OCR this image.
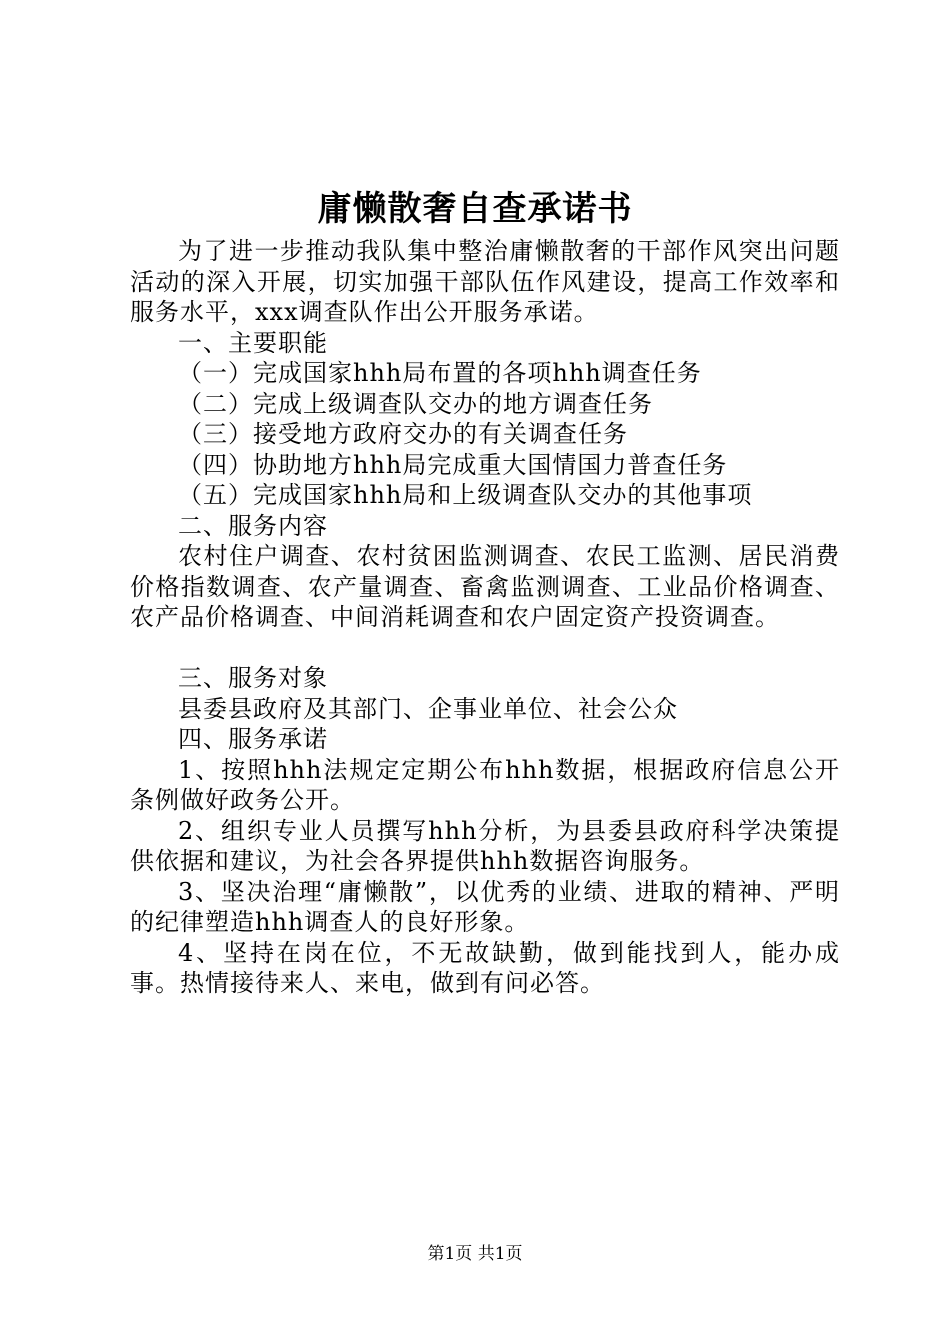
庸懒散奢自查承诺书

为了进一步推动我队集中整治庸懒散奢的干部作风突出问题活动的深入开展，切实加强干部队伍作风建设，提高工作效率和服务水平，xxx调查队作出公开服务承诺。

一、主要职能

（一）完成国家hhh局布置的各项hhh调查任务

（二）完成上级调查队交办的地方调查任务

（三）接受地方政府交办的有关调查任务

（四）协助地方hhh局完成重大国情国力普查任务

（五）完成国家hhh局和上级调查队交办的其他事项

二、服务内容

农村住户调查、农村贫困监测调查、农民工监测、居民消费价格指数调查、农产量调查、畜禽监测调查、工业品价格调查、农产品价格调查、中间消耗调查和农户固定资产投资调查。

三、服务对象

县委县政府及其部门、企事业单位、社会公众

四、服务承诺

1、按照hhh法规定定期公布hhh数据，根据政府信息公开条例做好政务公开。

2、组织专业人员撰写hhh分析，为县委县政府科学决策提供依据和建议，为社会各界提供hhh数据咨询服务。

3、坚决治理“庸懒散”，以优秀的业绩、进取的精神、严明的纪律塑造hhh调查人的良好形象。

4、坚持在岗在位，不无故缺勤，做到能找到人，能办成事。热情接待来人、来电，做到有问必答。

第1页 共1页
